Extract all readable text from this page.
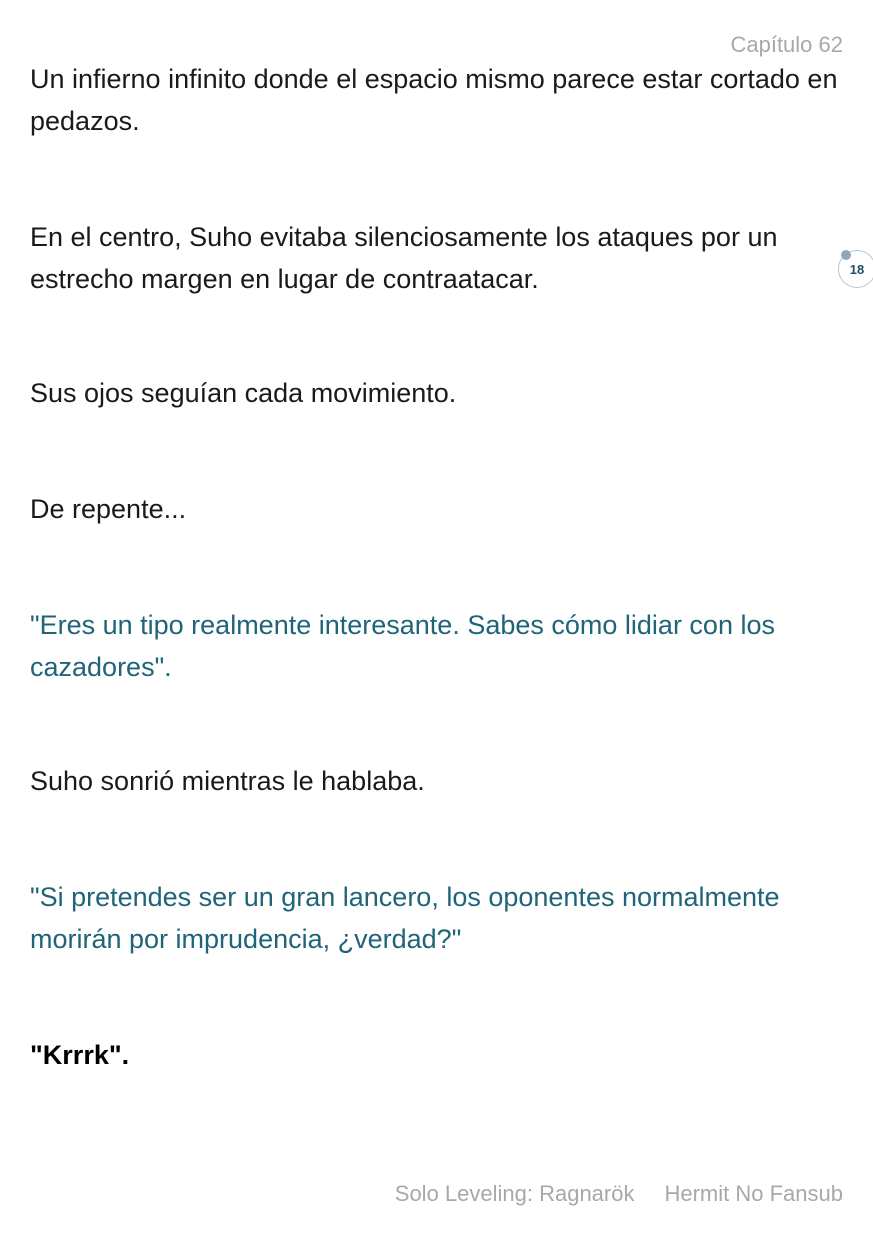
Capítulo 62

Un infierno infinito donde el espacio mismo parece estar cortado en pedazos.

En el centro, Suho evitaba silenciosamente los ataques por un estrecho margen en lugar de contraatacar.

Sus ojos seguían cada movimiento.

De repente...

"Eres un tipo realmente interesante. Sabes cómo lidiar con los cazadores".

Suho sonrió mientras le hablaba.

"Si pretendes ser un gran lancero, los oponentes normalmente morirán por imprudencia, ¿verdad?"

"Krrrk".

18
Solo Leveling: Ragnarök Hermit No Fansub
